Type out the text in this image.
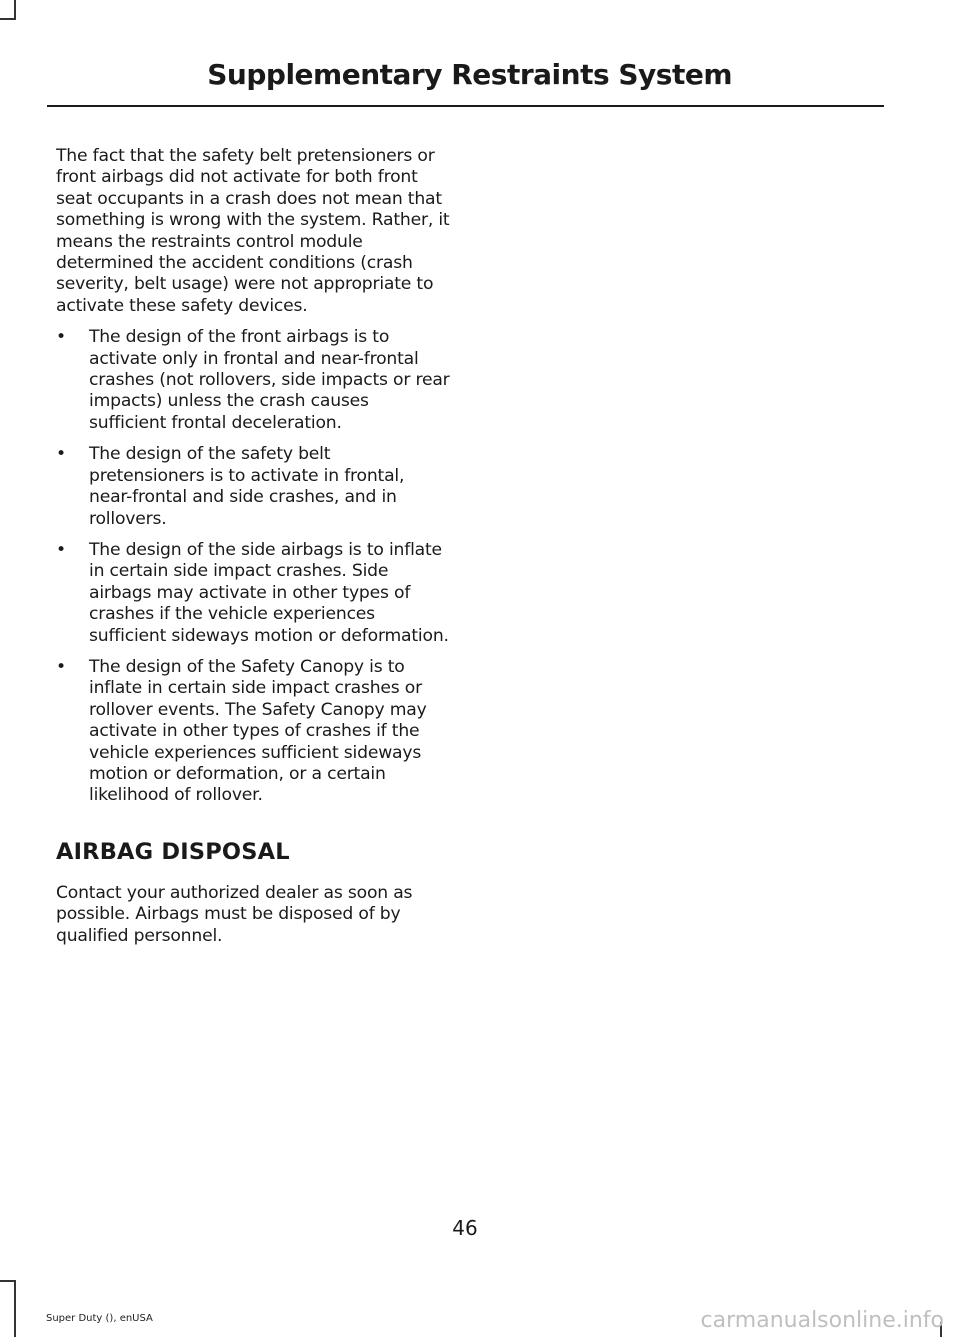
Supplementary Restraints System

The fact that the safety belt pretensioners or front airbags did not activate for both front seat occupants in a crash does not mean that something is wrong with the system. Rather, it means the restraints control module determined the accident conditions (crash severity, belt usage) were not appropriate to activate these safety devices.

• The design of the front airbags is to activate only in frontal and near-frontal crashes (not rollovers, side impacts or rear impacts) unless the crash causes sufficient frontal deceleration.
• The design of the safety belt pretensioners is to activate in frontal, near-frontal and side crashes, and in rollovers.
• The design of the side airbags is to inflate in certain side impact crashes. Side airbags may activate in other types of crashes if the vehicle experiences sufficient sideways motion or deformation.
• The design of the Safety Canopy is to inflate in certain side impact crashes or rollover events. The Safety Canopy may activate in other types of crashes if the vehicle experiences sufficient sideways motion or deformation, or a certain likelihood of rollover.
AIRBAG DISPOSAL

Contact your authorized dealer as soon as possible. Airbags must be disposed of by qualified personnel.

46
Super Duty (), enUSA	carmanualsonline.info
